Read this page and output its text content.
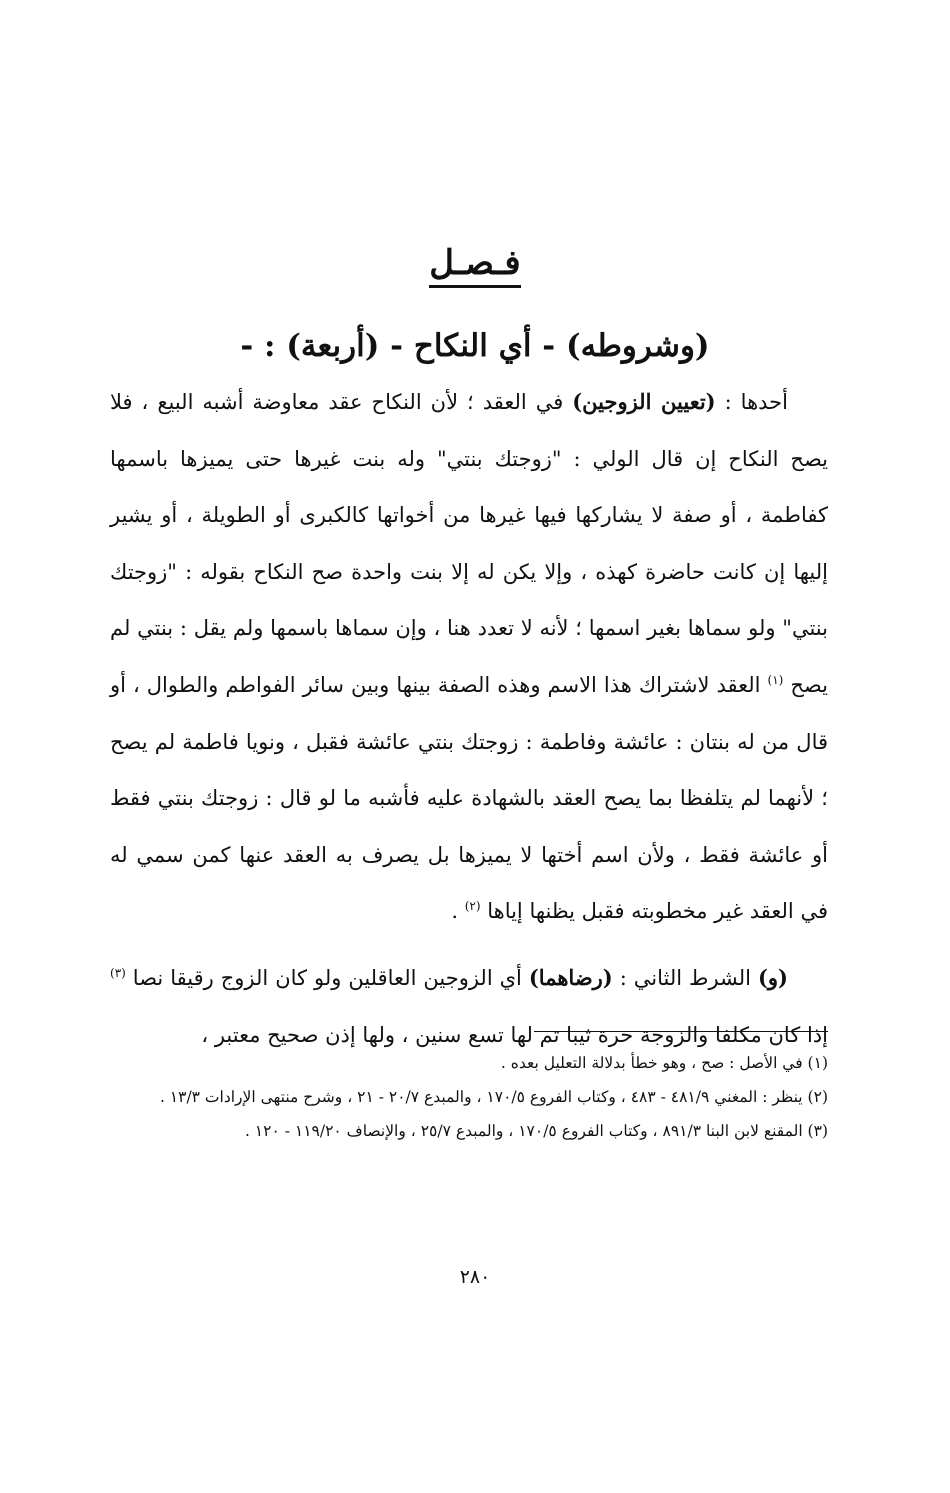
فـصـل
(وشروطه) - أي النكاح - (أربعة) : -

أحدها : (تعيين الزوجين) في العقد ؛ لأن النكاح عقد معاوضة أشبه البيع ، فلا يصح النكاح إن قال الولي : "زوجتك بنتي" وله بنت غيرها حتى يميزها باسمها كفاطمة ، أو صفة لا يشاركها فيها غيرها من أخواتها كالكبرى أو الطويلة ، أو يشير إليها إن كانت حاضرة كهذه ، وإلا يكن له إلا بنت واحدة صح النكاح بقوله : "زوجتك بنتي" ولو سماها بغير اسمها ؛ لأنه لا تعدد هنا ، وإن سماها باسمها ولم يقل : بنتي لم يصح $^{(١)}$ العقد لاشتراك هذا الاسم وهذه الصفة بينها وبين سائر الفواطم والطوال ، أو قال من له بنتان : عائشة وفاطمة : زوجتك بنتي عائشة فقبل ، ونويا فاطمة لم يصح ؛ لأنهما لم يتلفظا بما يصح العقد بالشهادة عليه فأشبه ما لو قال : زوجتك بنتي فقط أو عائشة فقط ، ولأن اسم أختها لا يميزها بل يصرف به العقد عنها كمن سمي له في العقد غير مخطوبته فقبل يظنها إياها $^{(٢)}$ .

(و) الشرط الثاني : (رضاهما) أي الزوجين العاقلين ولو كان الزوج رقيقا نصا $^{(٣)}$ إذا كان مكلفا والزوجة حرة ثيبا تم لها تسع سنين ، ولها إذن صحيح معتبر ،

(١) في الأصل : صح ، وهو خطأ بدلالة التعليل بعده .

(٢) ينظر : المغني ٤٨١/٩ - ٤٨٣ ، وكتاب الفروع ١٧٠/٥ ، والمبدع ٢٠/٧ - ٢١ ، وشرح منتهى الإرادات ١٣/٣ .

(٣) المقنع لابن البنا ٨٩١/٣ ، وكتاب الفروع ١٧٠/٥ ، والمبدع ٢٥/٧ ، والإنصاف ١١٩/٢٠ - ١٢٠ .

٢٨٠
